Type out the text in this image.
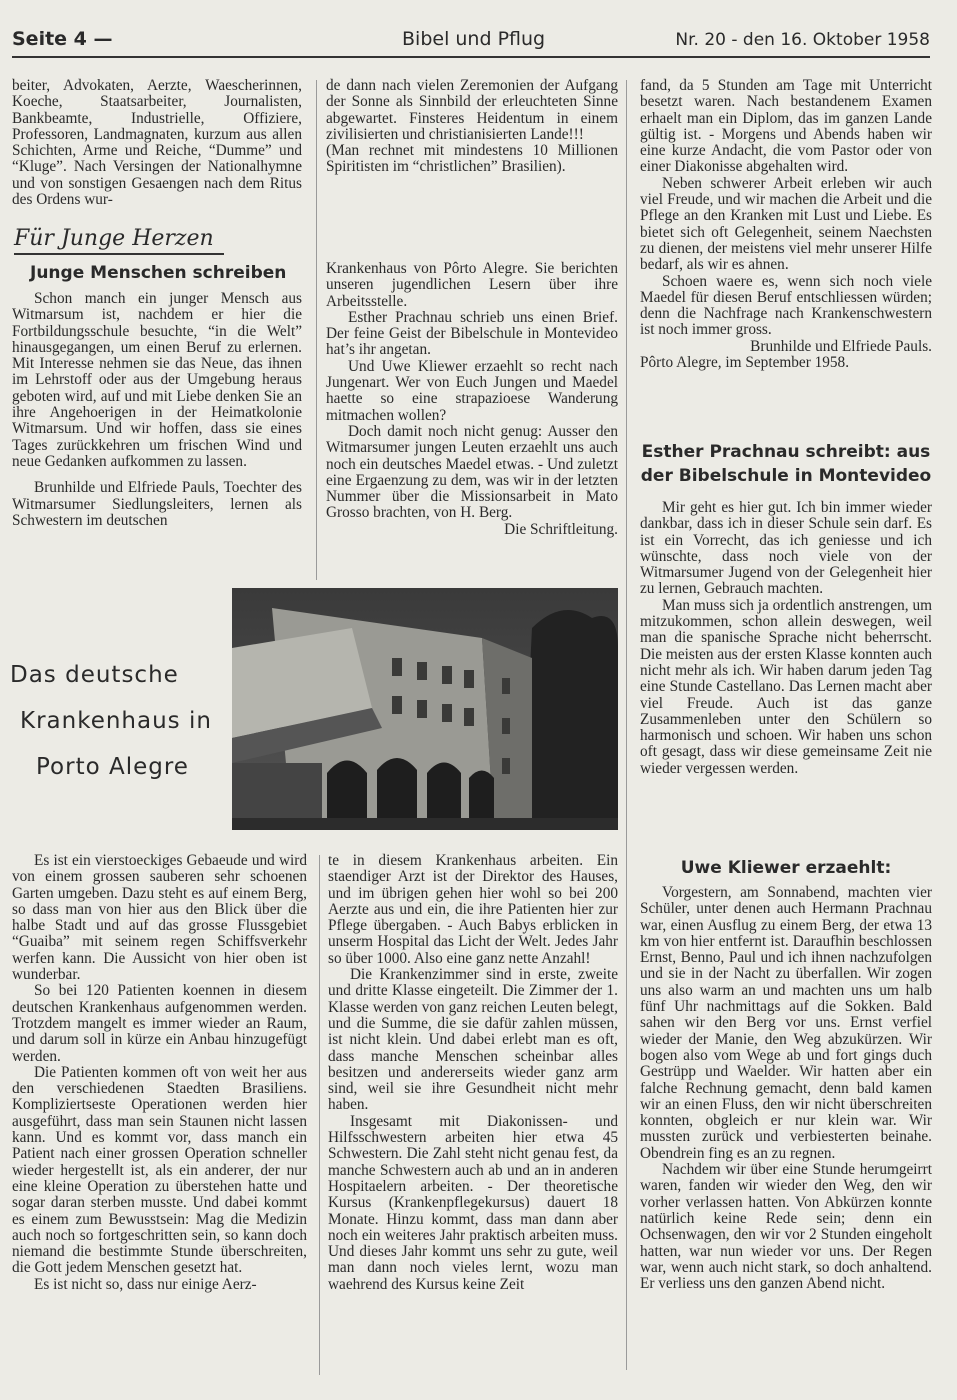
Seite 4 —	Bibel und Pflug	Nr. 20 - den 16. Oktober 1958

beiter, Advokaten, Aerzte, Waescherinnen, Koeche, Staatsarbeiter, Journalisten, Bankbeamte, Industrielle, Offiziere, Professoren, Landmagnaten, kurzum aus allen Schichten, Arme und Reiche, “Dumme” und “Kluge”. Nach Versingen der Nationalhymne und von sonstigen Gesaengen nach dem Ritus des Ordens wur-

Für Junge Herzen
Junge Menschen schreiben

Schon manch ein junger Mensch aus Witmarsum ist, nachdem er hier die Fortbildungsschule besuchte, “in die Welt” hinausgegangen, um einen Beruf zu erlernen. Mit Interesse nehmen sie das Neue, das ihnen im Lehrstoff oder aus der Umgebung heraus geboten wird, auf und mit Liebe denken Sie an ihre Angehoerigen in der Heimatkolonie Witmarsum. Und wir hoffen, dass sie eines Tages zurückkehren um frischen Wind und neue Gedanken aufkommen zu lassen.

Brunhilde und Elfriede Pauls, Toechter des Witmarsumer Siedlungsleiters, lernen als Schwestern im deutschen

de dann nach vielen Zeremonien der Aufgang der Sonne als Sinnbild der erleuchteten Sinne abgewartet. Finsteres Heidentum in einem zivilisierten und christianisierten Lande!!!

(Man rechnet mit mindestens 10 Millionen Spiritisten im “christlichen” Brasilien).

Krankenhaus von Pôrto Alegre. Sie berichten unseren jugendlichen Lesern über ihre Arbeitsstelle.

Esther Prachnau schrieb uns einen Brief. Der feine Geist der Bibelschule in Montevideo hat’s ihr angetan.

Und Uwe Kliewer erzaehlt so recht nach Jungenart. Wer von Euch Jungen und Maedel haette so eine strapazioese Wanderung mitmachen wollen?

Doch damit noch nicht genug: Ausser den Witmarsumer jungen Leuten erzaehlt uns auch noch ein deutsches Maedel etwas. - Und zuletzt eine Ergaenzung zu dem, was wir in der letzten Nummer über die Missionsarbeit in Mato Grosso brachten, von H. Berg.

Die Schriftleitung.

fand, da 5 Stunden am Tage mit Unterricht besetzt waren. Nach bestandenem Examen erhaelt man ein Diplom, das im ganzen Lande gültig ist. - Morgens und Abends haben wir eine kurze Andacht, die vom Pastor oder von einer Diakonisse abgehalten wird.

Neben schwerer Arbeit erleben wir auch viel Freude, und wir machen die Arbeit und die Pflege an den Kranken mit Lust und Liebe. Es bietet sich oft Gelegenheit, seinem Naechsten zu dienen, der meistens viel mehr unserer Hilfe bedarf, als wir es ahnen.

Schoen waere es, wenn sich noch viele Maedel für diesen Beruf entschliessen würden; denn die Nachfrage nach Krankenschwestern ist noch immer gross.

Brunhilde und Elfriede Pauls.

Pôrto Alegre, im September 1958.

Esther Prachnau schreibt: aus der Bibelschule in Montevideo

Mir geht es hier gut. Ich bin immer wieder dankbar, dass ich in dieser Schule sein darf. Es ist ein Vorrecht, das ich geniesse und ich wünschte, dass noch viele von der Witmarsumer Jugend von der Gelegenheit hier zu lernen, Gebrauch machten.

Man muss sich ja ordentlich anstrengen, um mitzukommen, schon allein deswegen, weil man die spanische Sprache nicht beherrscht. Die meisten aus der ersten Klasse konnten auch nicht mehr als ich. Wir haben darum jeden Tag eine Stunde Castellano. Das Lernen macht aber viel Freude. Auch ist das ganze Zusammenleben unter den Schülern so harmonisch und schoen. Wir haben uns schon oft gesagt, dass wir diese gemeinsame Zeit nie wieder vergessen werden.

Uwe Kliewer erzaehlt:

Vorgestern, am Sonnabend, machten vier Schüler, unter denen auch Hermann Prachnau war, einen Ausflug zu einem Berg, der etwa 13 km von hier entfernt ist. Daraufhin beschlossen Ernst, Benno, Paul und ich ihnen nachzufolgen und sie in der Nacht zu überfallen. Wir zogen uns also warm an und machten uns um halb fünf Uhr nachmittags auf die Sokken. Bald sahen wir den Berg vor uns. Ernst verfiel wieder der Manie, den Weg abzukürzen. Wir bogen also vom Wege ab und fort gings duch Gestrüpp und Waelder. Wir hatten aber ein falche Rechnung gemacht, denn bald kamen wir an einen Fluss, den wir nicht überschreiten konnten, obgleich er nur klein war. Wir mussten zurück und verbiesterten beinahe. Obendrein fing es an zu regnen.

Nachdem wir über eine Stunde herumgeirrt waren, fanden wir wieder den Weg, den wir vorher verlassen hatten. Von Abkürzen konnte natürlich keine Rede sein; denn ein Ochsenwagen, den wir vor 2 Stunden eingeholt hatten, war nun wieder vor uns. Der Regen war, wenn auch nicht stark, so doch anhaltend. Er verliess uns den ganzen Abend nicht.

Das deutsche
Krankenhaus in
Porto Alegre

Es ist ein vierstoeckiges Gebaeude und wird von einem grossen sauberen sehr schoenen Garten umgeben. Dazu steht es auf einem Berg, so dass man von hier aus den Blick über die halbe Stadt und auf das grosse Flussgebiet “Guaiba” mit seinem regen Schiffsverkehr werfen kann. Die Aussicht von hier oben ist wunderbar.

So bei 120 Patienten koennen in diesem deutschen Krankenhaus aufgenommen werden. Trotzdem mangelt es immer wieder an Raum, und darum soll in kürze ein Anbau hinzugefügt werden.

Die Patienten kommen oft von weit her aus den verschiedenen Staedten Brasiliens. Kompliziertseste Operationen werden hier ausgeführt, dass man sein Staunen nicht lassen kann. Und es kommt vor, dass manch ein Patient nach einer grossen Operation schneller wieder hergestellt ist, als ein anderer, der nur eine kleine Operation zu überstehen hatte und sogar daran sterben musste. Und dabei kommt es einem zum Bewusstsein: Mag die Medizin auch noch so fortgeschritten sein, so kann doch niemand die bestimmte Stunde überschreiten, die Gott jedem Menschen gesetzt hat.

Es ist nicht so, dass nur einige Aerz-

te in diesem Krankenhaus arbeiten. Ein staendiger Arzt ist der Direktor des Hauses, und im übrigen gehen hier wohl so bei 200 Aerzte aus und ein, die ihre Patienten hier zur Pflege übergaben. - Auch Babys erblicken in unserm Hospital das Licht der Welt. Jedes Jahr so über 1000. Also eine ganz nette Anzahl!

Die Krankenzimmer sind in erste, zweite und dritte Klasse eingeteilt. Die Zimmer der 1. Klasse werden von ganz reichen Leuten belegt, und die Summe, die sie dafür zahlen müssen, ist nicht klein. Und dabei erlebt man es oft, dass manche Menschen scheinbar alles besitzen und andererseits wieder ganz arm sind, weil sie ihre Gesundheit nicht mehr haben.

Insgesamt mit Diakonissen- und Hilfsschwestern arbeiten hier etwa 45 Schwestern. Die Zahl steht nicht genau fest, da manche Schwestern auch ab und an in anderen Hospitaelern arbeiten. - Der theoretische Kursus (Krankenpflegekursus) dauert 18 Monate. Hinzu kommt, dass man dann aber noch ein weiteres Jahr praktisch arbeiten muss. Und dieses Jahr kommt uns sehr zu gute, weil man dann noch vieles lernt, wozu man waehrend des Kursus keine Zeit
